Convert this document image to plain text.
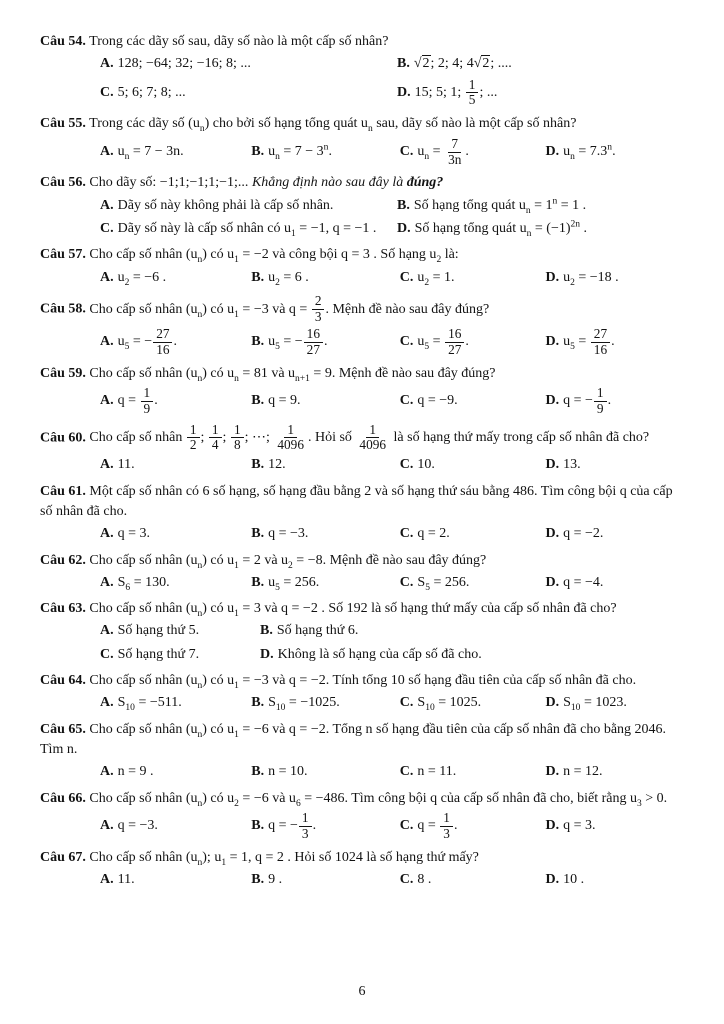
Câu 54. Trong các dãy số sau, dãy số nào là một cấp số nhân?

A. 128; −64; 32; −16; 8; ...	B. √2; 2; 4; 4√2; ....
C. 5; 6; 7; 8; ...	D. 15; 5; 1; $\frac{1}{5}$ ; ...

Câu 55. Trong các dãy số $(u_n)$ cho bởi số hạng tổng quát $u_n$ sau, dãy số nào là một cấp số nhân?

A. $u_n = 7 - 3n$.	B. $u_n = 7 - 3^n$.	C. $u_n = \frac{7}{3n}$ .	D. $u_n = 7.3^n$.

Câu 56. Cho dãy số: −1;1;−1;1;−1;... Khẳng định nào sau đây là đúng?

A. Dãy số này không phải là cấp số nhân.	B. Số hạng tổng quát $u_n = 1^n = 1$ .
C. Dãy số này là cấp số nhân có $u_1 = -1$, q = −1 .	D. Số hạng tổng quát $u_n = (-1)^{2n}$ .

Câu 57. Cho cấp số nhân $(u_n)$ có $u_1 = -2$ và công bội q = 3 . Số hạng $u_2$ là:

A. $u_2 = -6$ .	B. $u_2 = 6$ .	C. $u_2 = 1$.	D. $u_2 = -18$ .

Câu 58. Cho cấp số nhân $(u_n)$ có $u_1 = -3$ và $q = \frac{2}{3}$ . Mệnh đề nào sau đây đúng?

A. $u_5$ = − $\frac{27}{16}$ .	B. $u_5$ = − $\frac{16}{27}$ .	C. $u_5 = \frac{16}{27}$ .	D. $u_5 = \frac{27}{16}$ .

Câu 59. Cho cấp số nhân $(u_n)$ có $u_n = 81$ và $u_{n+1} = 9$. Mệnh đề nào sau đây đúng?

A. $q = \frac{1}{9}$ .	B. q = 9.	C. q = −9.	D. q = − $\frac{1}{9}$ .

Câu 60. Cho cấp số nhân $\frac{1}{2}$ ; $\frac{1}{4}$ ; $\frac{1}{8}$ ; ⋯; $\frac{1}{4096}$ . Hỏi số $\frac{1}{4096}$ là số hạng thứ mấy trong cấp số nhân đã cho?

A. 11.	B. 12.	C. 10.	D. 13.

Câu 61. Một cấp số nhân có 6 số hạng, số hạng đầu bằng 2 và số hạng thứ sáu bằng 486. Tìm công bội q của cấp số nhân đã cho.

A. q = 3.	B. q = −3.	C. q = 2.	D. q = −2.

Câu 62. Cho cấp số nhân $(u_n)$ có $u_1 = 2$ và $u_2 = -8$. Mệnh đề nào sau đây đúng?

A. $S_6 = 130$.	B. $u_5 = 256$.	C. $S_5 = 256$.	D. q = −4.

Câu 63. Cho cấp số nhân $(u_n)$ có $u_1 = 3$ và q = −2 . Số 192 là số hạng thứ mấy của cấp số nhân đã cho?

A. Số hạng thứ 5.	B. Số hạng thứ 6.
C. Số hạng thứ 7.	D. Không là số hạng của cấp số đã cho.

Câu 64. Cho cấp số nhân $(u_n)$ có $u_1 = -3$ và q = −2. Tính tổng 10 số hạng đầu tiên của cấp số nhân đã cho.

A. $S_{10} = -511$.	B. $S_{10} = -1025$.	C. $S_{10} = 1025$.	D. $S_{10} = 1023$.

Câu 65. Cho cấp số nhân $(u_n)$ có $u_1 = -6$ và q = −2. Tổng n số hạng đầu tiên của cấp số nhân đã cho bằng 2046. Tìm n.

A. n = 9 .	B. n = 10.	C. n = 11.	D. n = 12.

Câu 66. Cho cấp số nhân $(u_n)$ có $u_2 = -6$ và $u_6 = -486$. Tìm công bội q của cấp số nhân đã cho, biết rằng $u_3 > 0$.

A. q = −3.	B. q = − $\frac{1}{3}$ .	C. $q = \frac{1}{3}$ .	D. q = 3.

Câu 67. Cho cấp số nhân $(u_n)$; $u_1 = 1$, q = 2 . Hỏi số 1024 là số hạng thứ mấy?

A. 11.	B. 9 .	C. 8 .	D. 10 .
6
